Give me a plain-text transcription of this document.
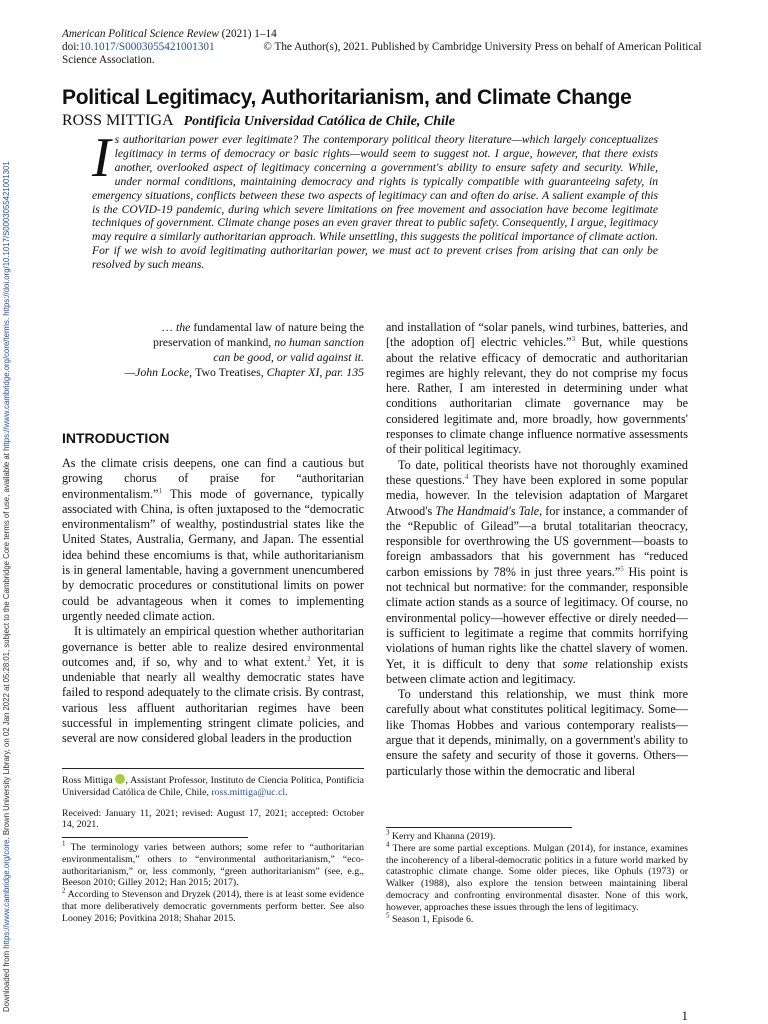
American Political Science Review (2021) 1–14
doi:10.1017/S0003055421001301	© The Author(s), 2021. Published by Cambridge University Press on behalf of American Political
Science Association.
Political Legitimacy, Authoritarianism, and Climate Change
ROSS MITTIGA Pontificia Universidad Católica de Chile, Chile
Is authoritarian power ever legitimate? The contemporary political theory literature—which largely conceptualizes legitimacy in terms of democracy or basic rights—would seem to suggest not. I argue, however, that there exists another, overlooked aspect of legitimacy concerning a government's ability to ensure safety and security. While, under normal conditions, maintaining democracy and rights is typically compatible with guaranteeing safety, in emergency situations, conflicts between these two aspects of legitimacy can and often do arise. A salient example of this is the COVID-19 pandemic, during which severe limitations on free movement and association have become legitimate techniques of government. Climate change poses an even graver threat to public safety. Consequently, I argue, legitimacy may require a similarly authoritarian approach. While unsettling, this suggests the political importance of climate action. For if we wish to avoid legitimating authoritarian power, we must act to prevent crises from arising that can only be resolved by such means.
… the fundamental law of nature being the
preservation of mankind, no human sanction
can be good, or valid against it.
—John Locke, Two Treatises, Chapter XI, par. 135
INTRODUCTION

As the climate crisis deepens, one can find a cautious but growing chorus of praise for “authoritarian environmentalism.”$^1$ This mode of governance, typically associated with China, is often juxtaposed to the “democratic environmentalism” of wealthy, postindustrial states like the United States, Australia, Germany, and Japan. The essential idea behind these encomiums is that, while authoritarianism is in general lamentable, having a government unencumbered by democratic procedures or constitutional limits on power could be advantageous when it comes to implementing urgently needed climate action.

It is ultimately an empirical question whether authoritarian governance is better able to realize desired environmental outcomes and, if so, why and to what extent.$^2$ Yet, it is undeniable that nearly all wealthy democratic states have failed to respond adequately to the climate crisis. By contrast, various less affluent authoritarian regimes have been successful in implementing stringent climate policies, and several are now considered global leaders in the production

and installation of “solar panels, wind turbines, batteries, and [the adoption of] electric vehicles.”$^3$ But, while questions about the relative efficacy of democratic and authoritarian regimes are highly relevant, they do not comprise my focus here. Rather, I am interested in determining under what conditions authoritarian climate governance may be considered legitimate and, more broadly, how governments' responses to climate change influence normative assessments of their political legitimacy.

To date, political theorists have not thoroughly examined these questions.$^4$ They have been explored in some popular media, however. In the television adaptation of Margaret Atwood's The Handmaid's Tale, for instance, a commander of the “Republic of Gilead”—a brutal totalitarian theocracy, responsible for overthrowing the US government—boasts to foreign ambassadors that his government has “reduced carbon emissions by 78% in just three years.”$^5$ His point is not technical but normative: for the commander, responsible climate action stands as a source of legitimacy. Of course, no environmental policy—however effective or direly needed—is sufficient to legitimate a regime that commits horrifying violations of human rights like the chattel slavery of women. Yet, it is difficult to deny that some relationship exists between climate action and legitimacy.

To understand this relationship, we must think more carefully about what constitutes political legitimacy. Some—like Thomas Hobbes and various contemporary realists—argue that it depends, minimally, on a government's ability to ensure the safety and security of those it governs. Others—particularly those within the democratic and liberal

Ross Mittiga , Assistant Professor, Instituto de Ciencia Política, Pontificia Universidad Católica de Chile, Chile, ross.mittiga@uc.cl.

Received: January 11, 2021; revised: August 17, 2021; accepted: October 14, 2021.

$^1$ The terminology varies between authors; some refer to “authoritarian environmentalism,” others to “environmental authoritarianism,” “eco-authoritarianism,” or, less commonly, “green authoritarianism” (see, e.g., Beeson 2010; Gilley 2012; Han 2015; 2017).

$^2$ According to Stevenson and Dryzek (2014), there is at least some evidence that more deliberatively democratic governments perform better. See also Looney 2016; Povitkina 2018; Shahar 2015.

$^3$ Kerry and Khanna (2019).

$^4$ There are some partial exceptions. Mulgan (2014), for instance, examines the incoherency of a liberal-democratic politics in a future world marked by catastrophic climate change. Some older pieces, like Ophuls (1973) or Walker (1988), also explore the tension between maintaining liberal democracy and confronting environmental disaster. None of this work, however, approaches these issues through the lens of legitimacy.

$^5$ Season 1, Episode 6.

1
Downloaded from https://www.cambridge.org/core. Brown University Library, on 02 Jan 2022 at 05:28:01, subject to the Cambridge Core terms of use, available at https://www.cambridge.org/core/terms. https://doi.org/10.1017/S0003055421001301
